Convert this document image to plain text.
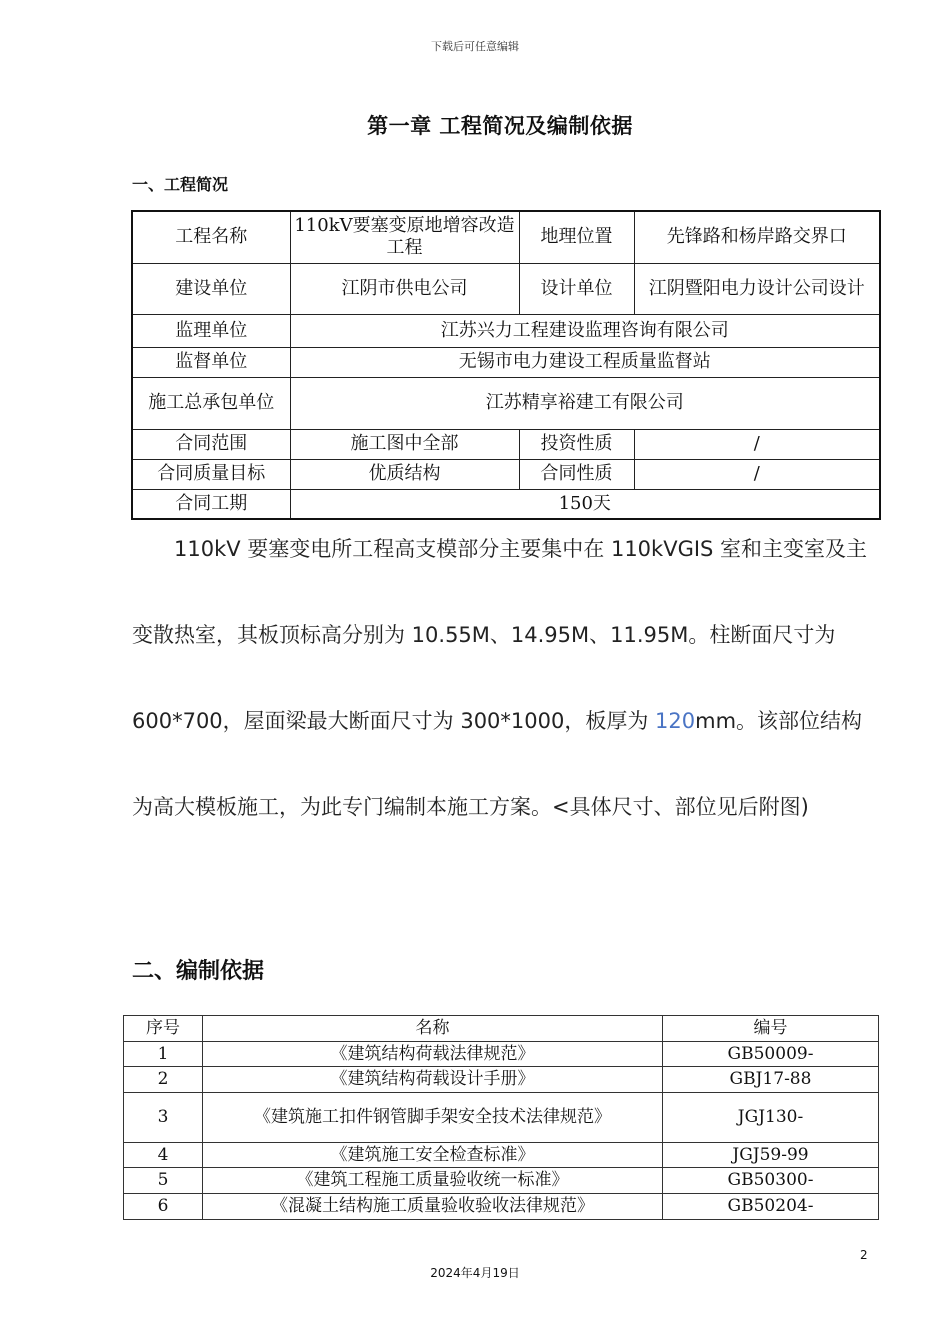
下载后可任意编辑
第一章 工程简况及编制依据
一、工程简况
工程名称	110kV要塞变原地增容改造工程	地理位置	先锋路和杨岸路交界口
建设单位	江阴市供电公司	设计单位	江阴暨阳电力设计公司设计
监理单位	江苏兴力工程建设监理咨询有限公司		
监督单位	无锡市电力建设工程质量监督站		
施工总承包单位	江苏精享裕建工有限公司		
合同范围	施工图中全部	投资性质	/
合同质量目标	优质结构	合同性质	/
合同工期	150天		
110kV 要塞变电所工程高支模部分主要集中在 110kVGIS 室和主变室及主变散热室，其板顶标高分别为 10.55M、14.95M、11.95M。柱断面尺寸为 600*700，屋面梁最大断面尺寸为 300*1000，板厚为 120mm。该部位结构为高大模板施工，为此专门编制本施工方案。<具体尺寸、部位见后附图)
二、编制依据
序号	名称	编号
1	《建筑结构荷载法律规范》	GB50009-
2	《建筑结构荷载设计手册》	GBJ17-88
3	《建筑施工扣件钢管脚手架安全技术法律规范》	JGJ130-
4	《建筑施工安全检查标准》	JGJ59-99
5	《建筑工程施工质量验收统一标准》	GB50300-
6	《混凝土结构施工质量验收验收法律规范》	GB50204-
2
2024年4月19日
